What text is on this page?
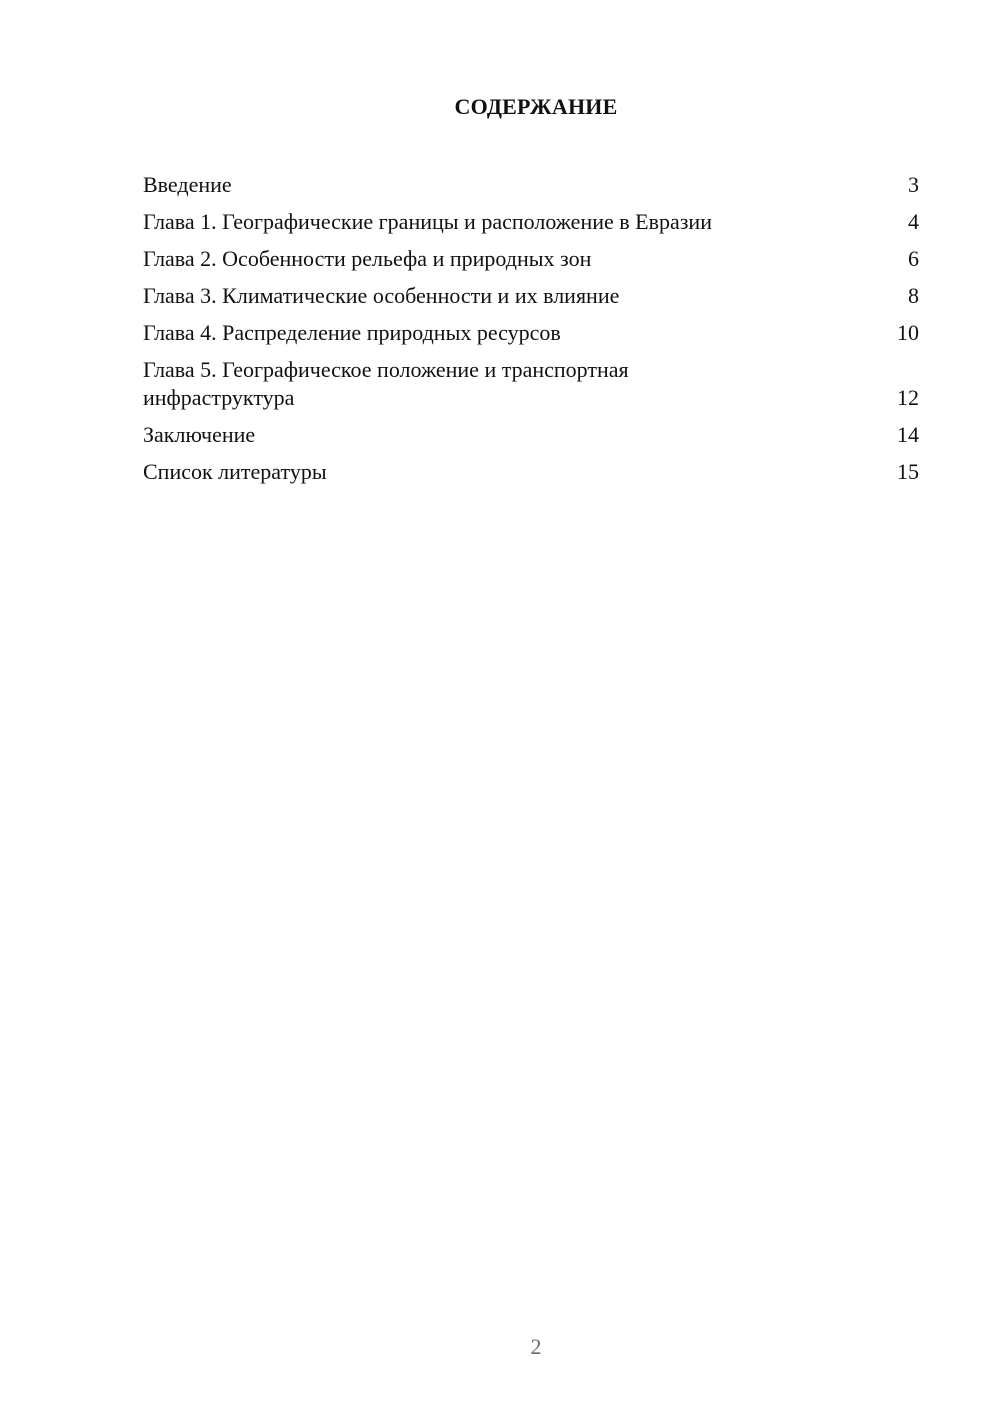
СОДЕРЖАНИЕ
Введение	3
Глава 1. Географические границы и расположение в Евразии	4
Глава 2. Особенности рельефа и природных зон	6
Глава 3. Климатические особенности и их влияние	8
Глава 4. Распределение природных ресурсов	10
Глава 5. Географическое положение и транспортная инфраструктура	12
Заключение	14
Список литературы	15
2
